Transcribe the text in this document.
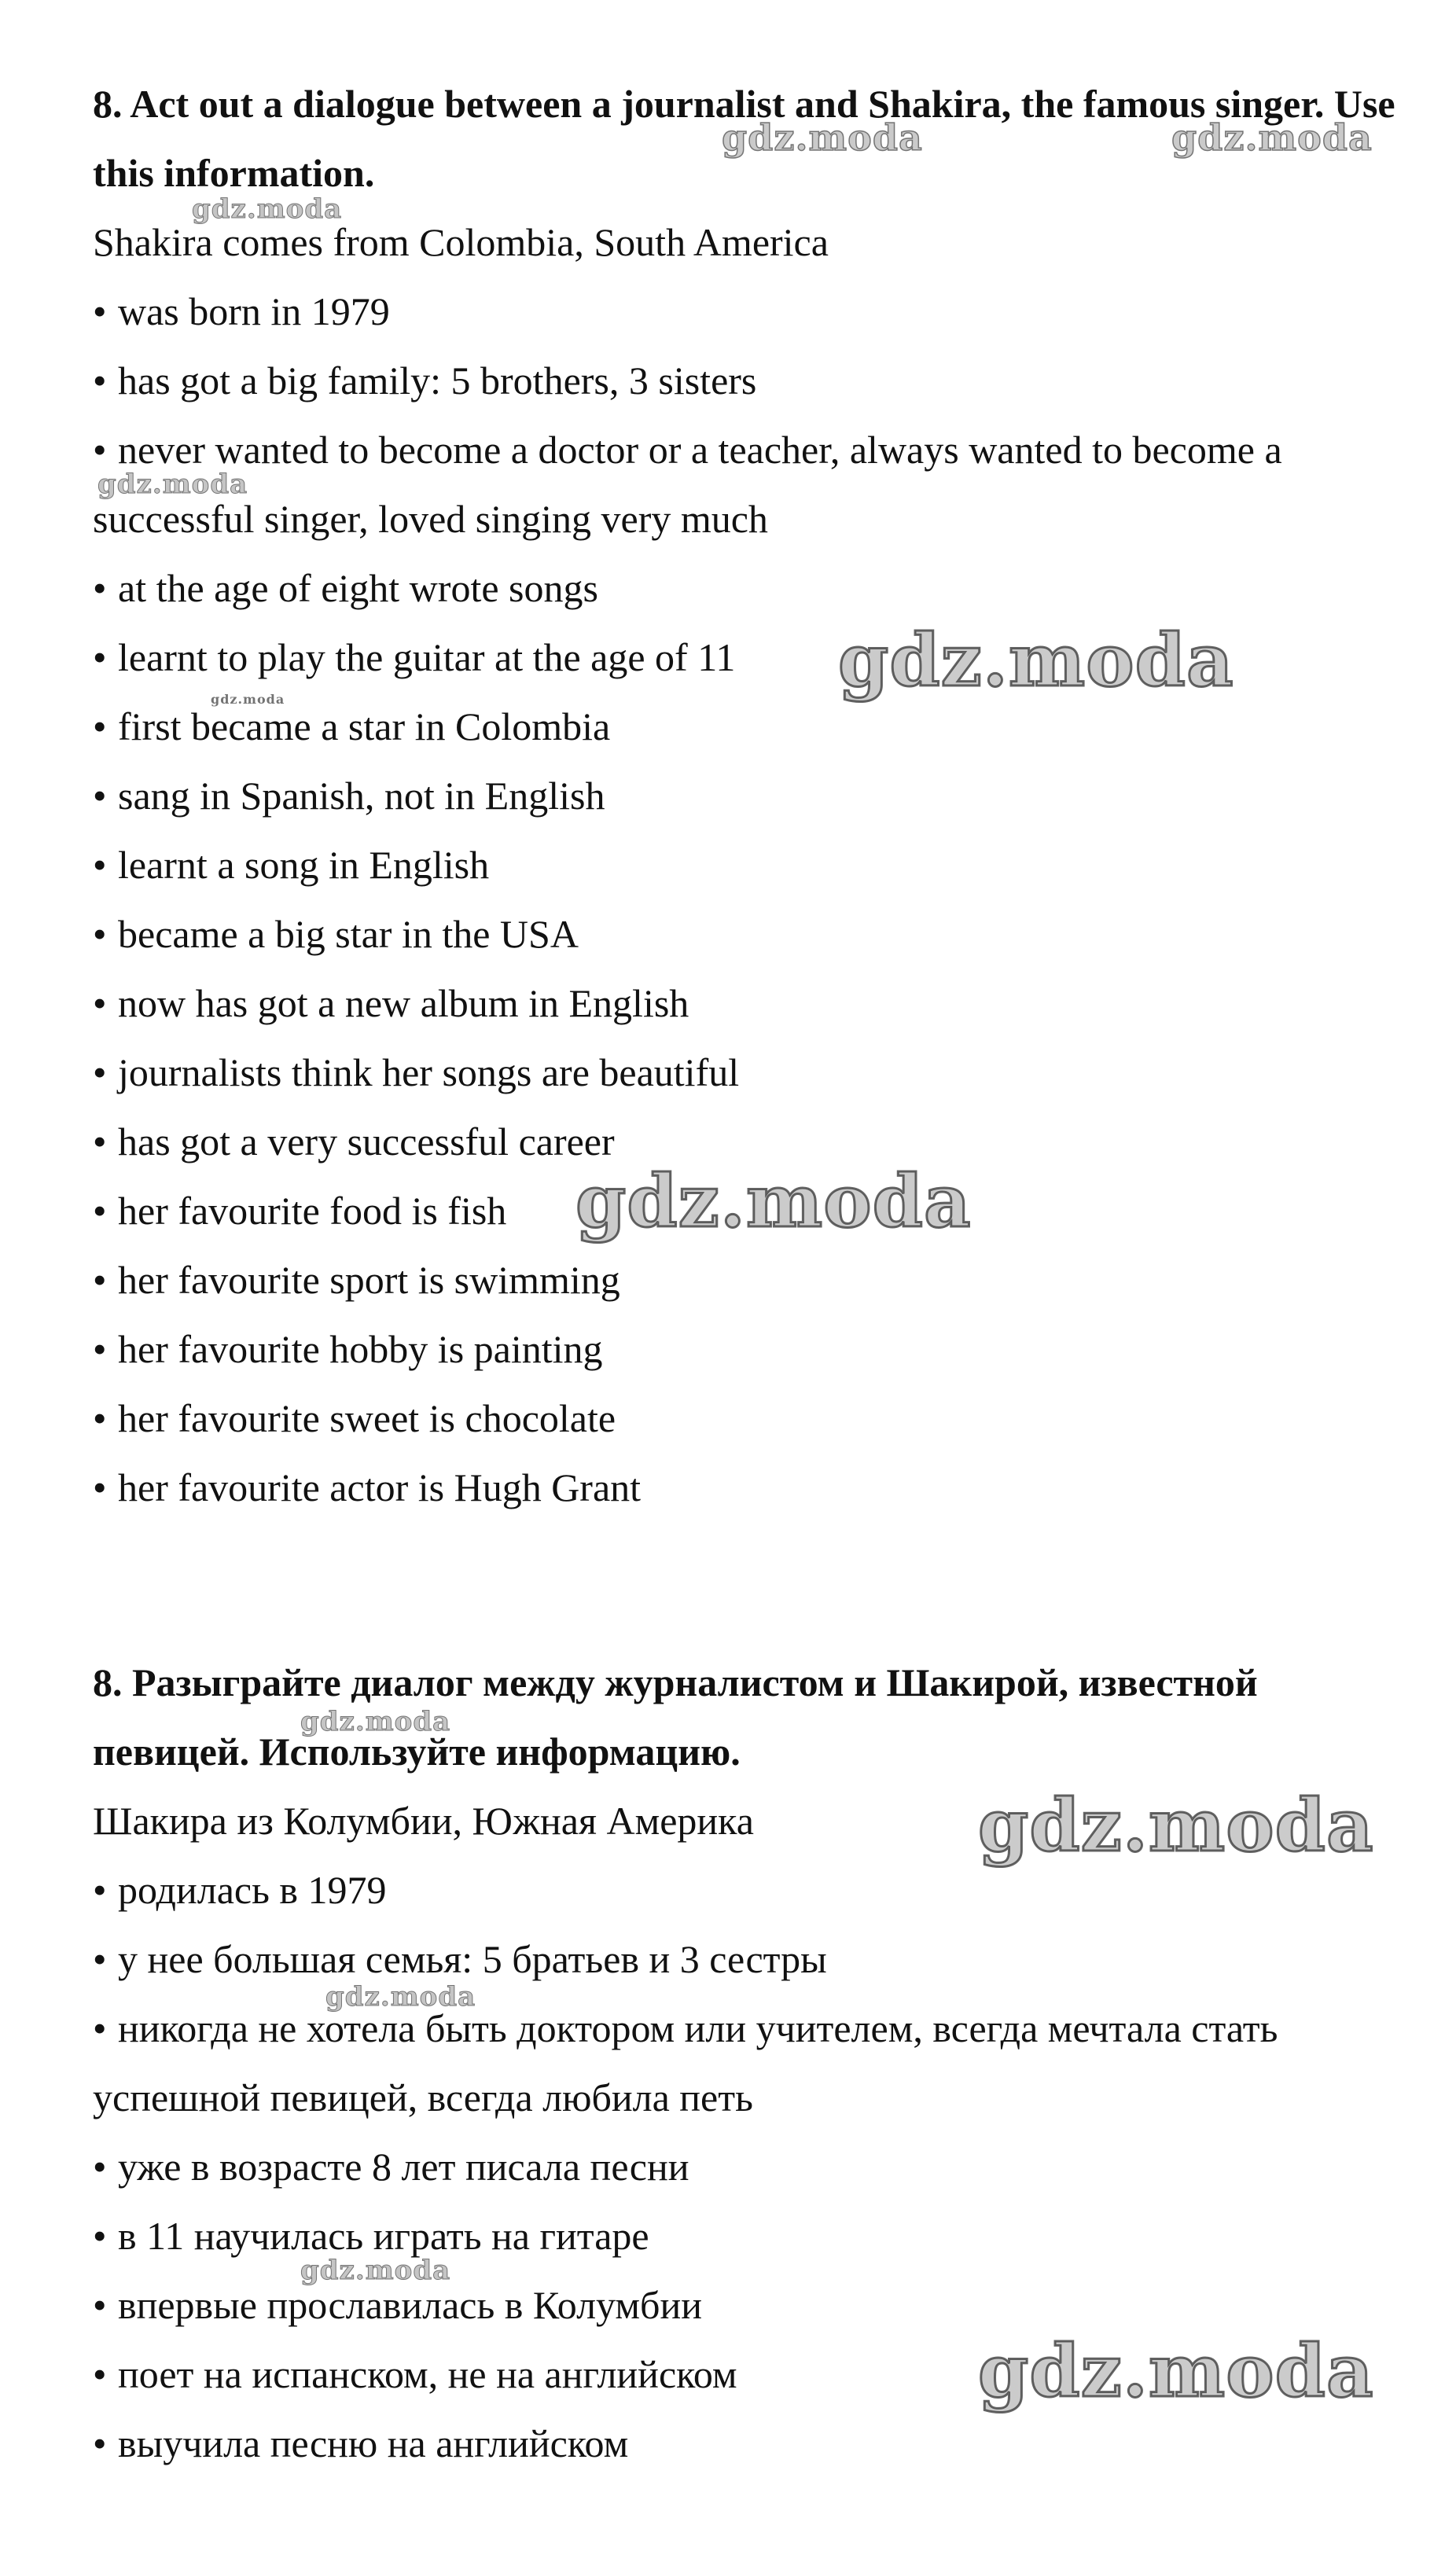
8. Act out a dialogue between a journalist and Shakira, the famous singer. Use this information.

Shakira comes from Colombia, South America

• was born in 1979

• has got a big family: 5 brothers, 3 sisters

• never wanted to become a doctor or a teacher, always wanted to become a successful singer, loved singing very much

• at the age of eight wrote songs

• learnt to play the guitar at the age of 11

• first became a star in Colombia

• sang in Spanish, not in English

• learnt a song in English

• became a big star in the USA

• now has got a new album in English

• journalists think her songs are beautiful

• has got a very successful career

• her favourite food is fish

• her favourite sport is swimming

• her favourite hobby is painting

• her favourite sweet is chocolate

• her favourite actor is Hugh Grant

8. Разыграйте диалог между журналистом и Шакирой, известной певицей. Используйте информацию.

Шакира из Колумбии, Южная Америка

• родилась в 1979

• у нее большая семья: 5 братьев и 3 сестры

• никогда не хотела быть доктором или учителем, всегда мечтала стать успешной певицей, всегда любила петь

• уже в возрасте 8 лет писала песни

• в 11 научилась играть на гитаре

• впервые прославилась в Колумбии

• поет на испанском, не на английском

• выучила песню на английском

gdz.moda	gdz.moda
gdz.moda
gdz.moda
gdz.moda
gdz.moda
gdz.moda
gdz.moda
gdz.moda
gdz.moda
gdz.moda
gdz.moda
